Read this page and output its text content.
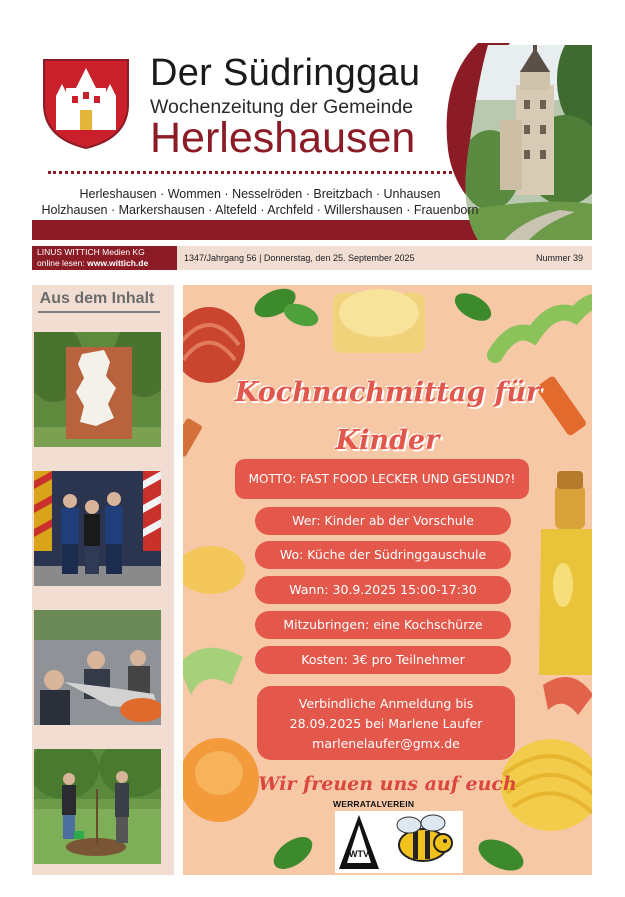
Der Südringgau
Wochenzeitung der Gemeinde
Herleshausen
Herleshausen · Wommen · Nesselröden · Breitzbach · Unhausen
Holzhausen · Markershausen · Altefeld · Archfeld · Willershausen · Frauenborn
LINUS WITTICH Medien KG
online lesen: www.wittich.de	1347/Jahrgang 56 | Donnerstag, den 25. September 2025	Nummer 39
Aus dem Inhalt
Kochnachmittag für
Kinder
MOTTO: FAST FOOD LECKER UND GESUND?!
Wer: Kinder ab der Vorschule
Wo: Küche der Südringgauschule
Wann: 30.9.2025 15:00-17:30
Mitzubringen: eine Kochschürze
Kosten: 3€ pro Teilnehmer
Verbindliche Anmeldung bis
28.09.2025 bei Marlene Laufer
marlenelaufer@gmx.de
Wir freuen uns auf euch
WERRATALVEREIN
WTV
